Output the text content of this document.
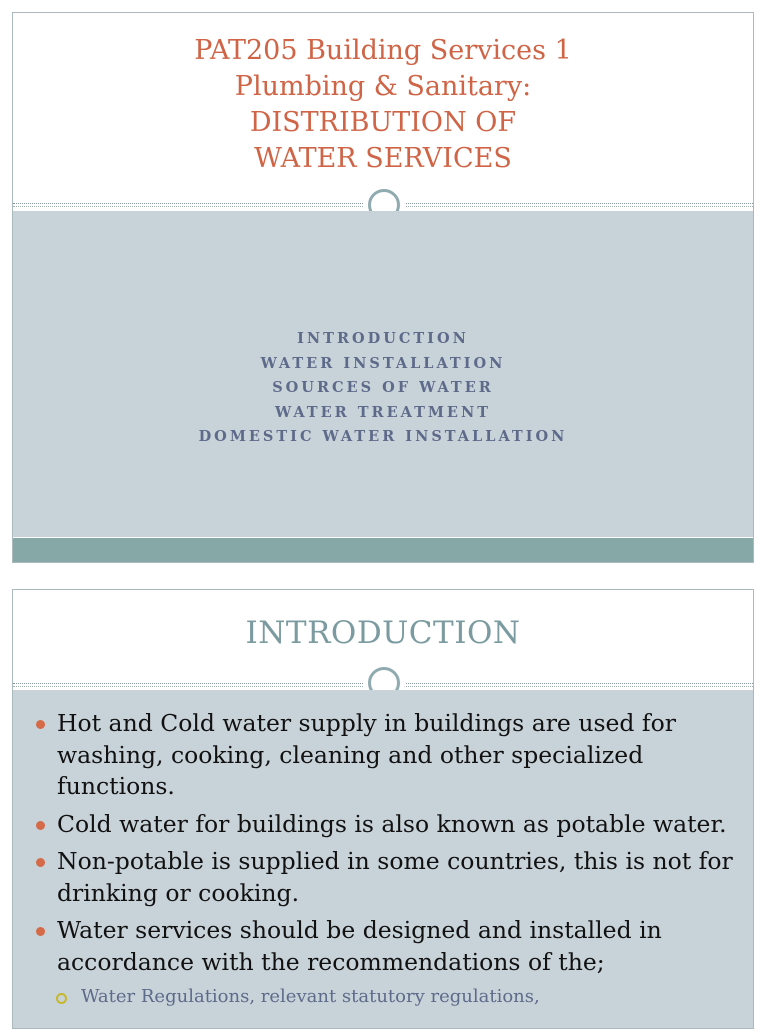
PAT205 Building Services 1
Plumbing & Sanitary:
DISTRIBUTION OF
WATER SERVICES
INTRODUCTION
WATER INSTALLATION
SOURCES OF WATER
WATER TREATMENT
DOMESTIC WATER INSTALLATION
INTRODUCTION
Hot and Cold water supply in buildings are used for washing, cooking, cleaning and other specialized functions.
Cold water for buildings is also known as potable water.
Non-potable is supplied in some countries, this is not for drinking or cooking.
Water services should be designed and installed in accordance with the recommendations of the;
Water Regulations, relevant statutory regulations,
